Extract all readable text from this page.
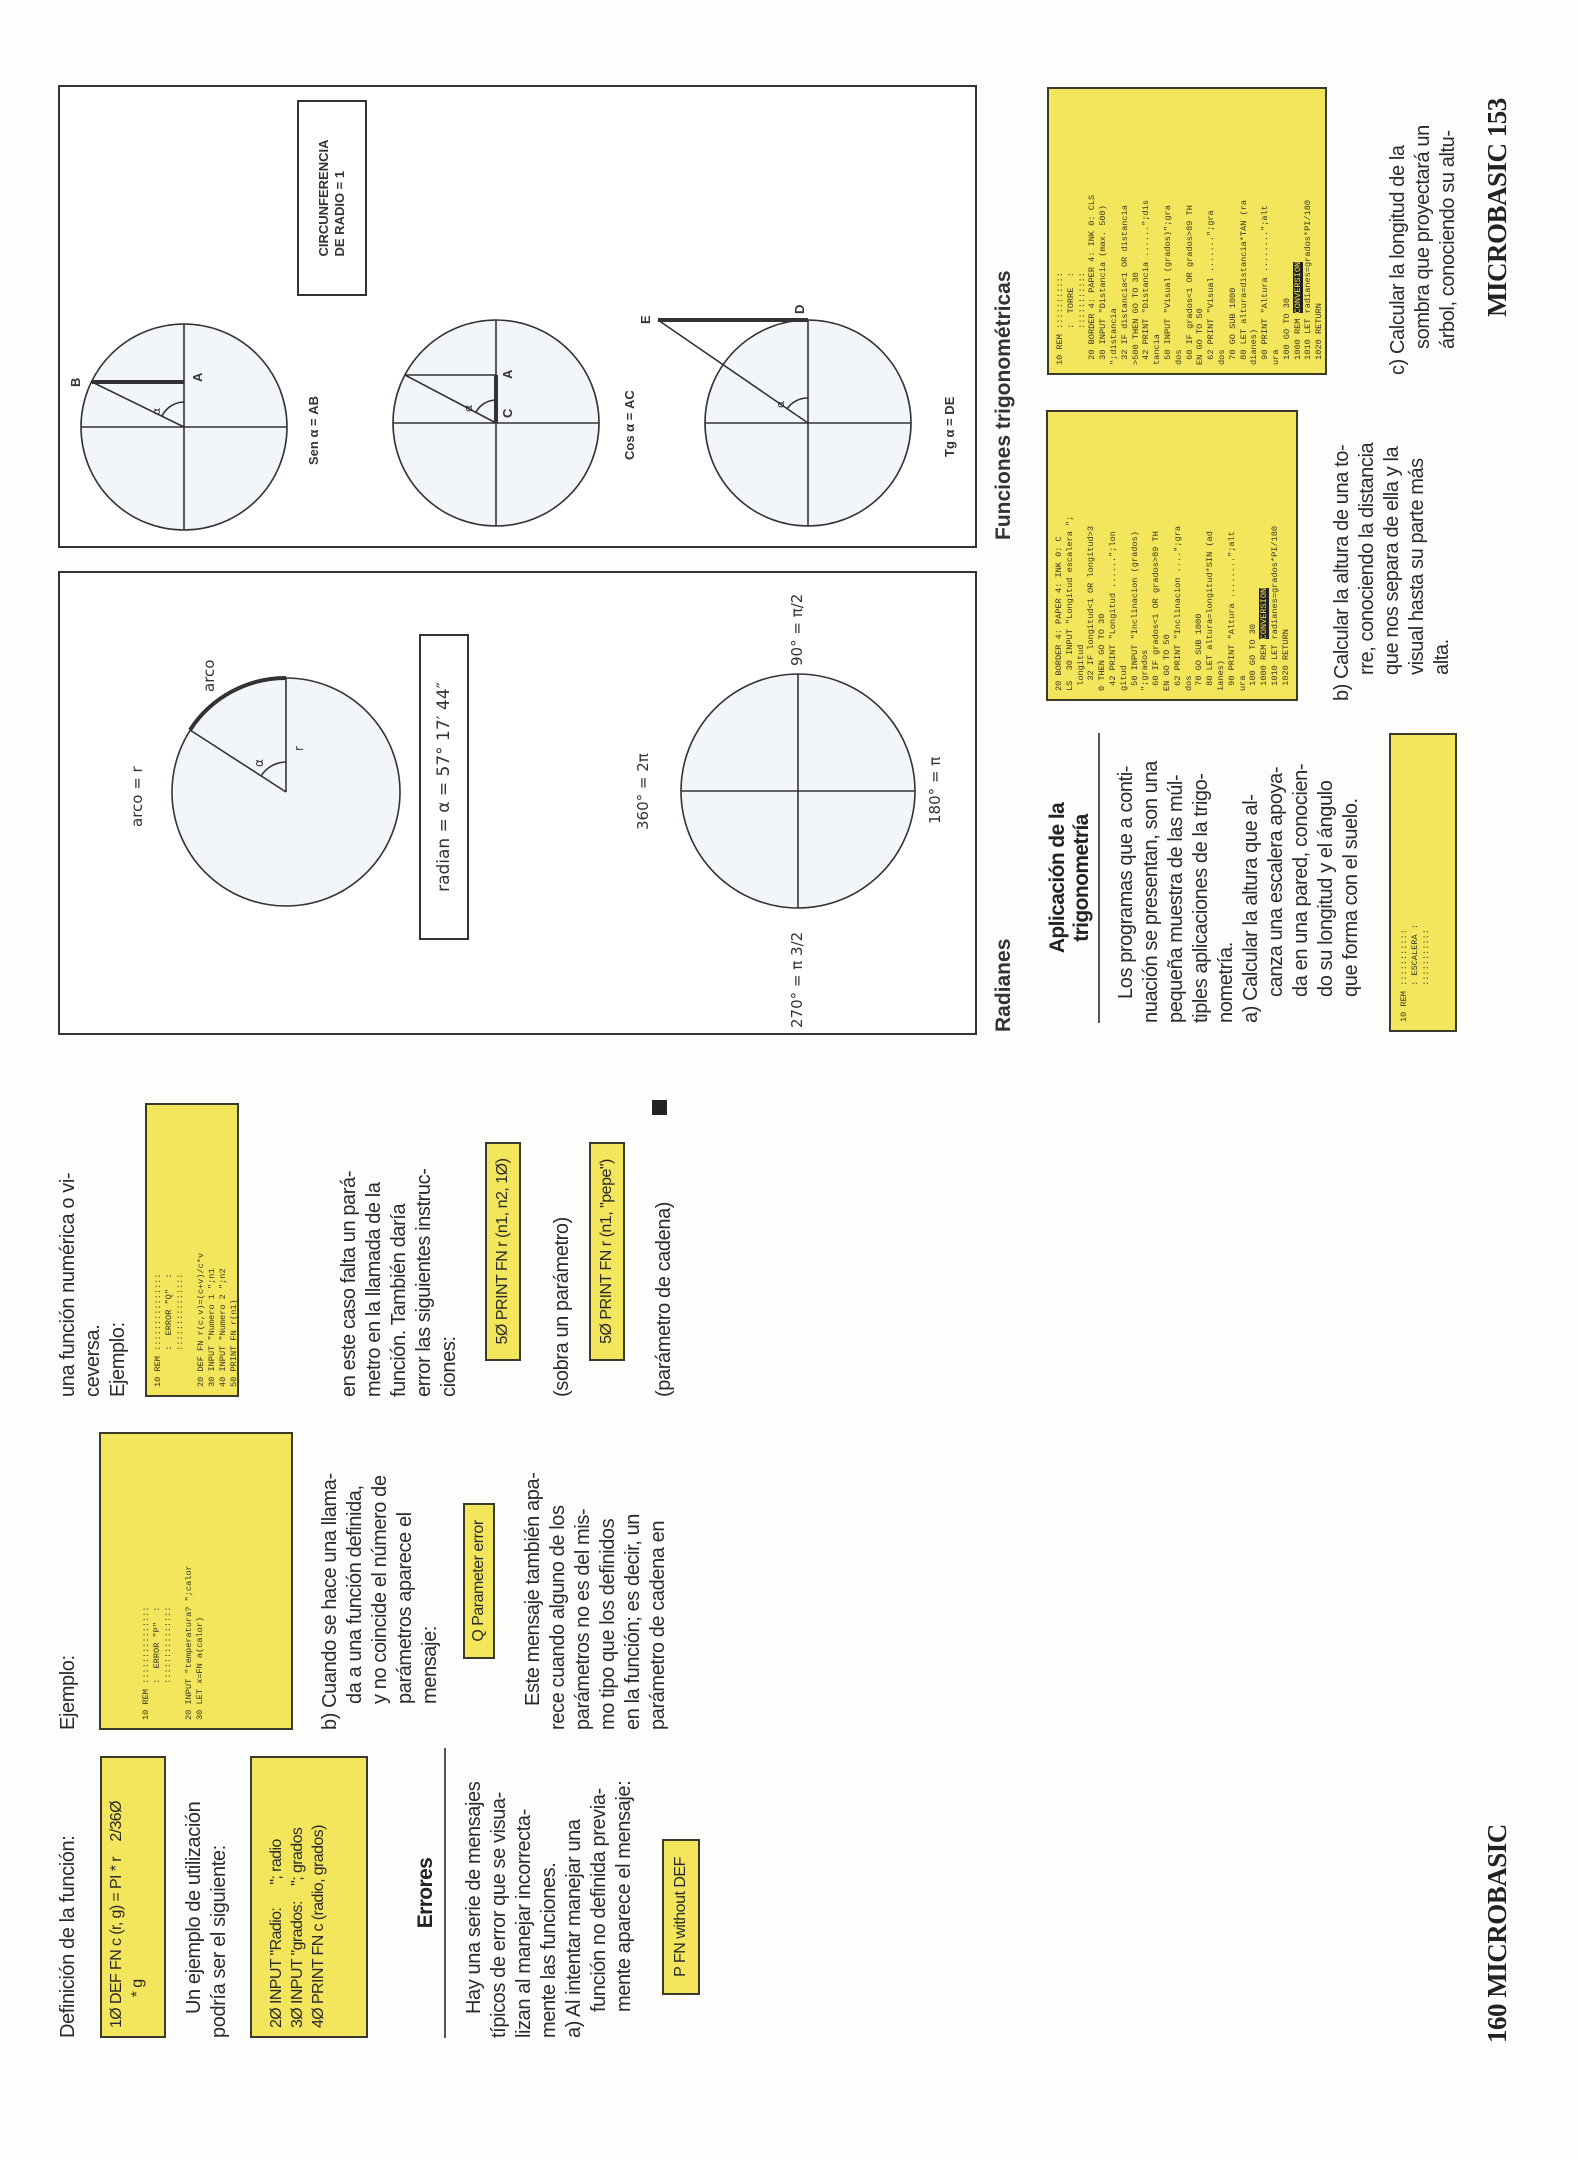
Definición de la función:	1Ø DEF FN c (r, g) = PI * r    2/36Ø
* g
Un ejemplo de utilización
podría ser el siguiente:
2Ø INPUT "Radio:      "; radio
3Ø INPUT "grados:    "; grados
4Ø PRINT FN c (radio, grados)
Errores
Hay una serie de mensajes
típicos de error que se visua-
lizan al manejar incorrecta-
mente las funciones.
a) Al intentar manejar una
función no definida previa-
mente aparece el mensaje:
P FN without DEF
Ejemplo:	10 REM :::::::::::::::
:  ERROR "P"  :
:::::::::::::::

20 INPUT "temperatura? ";calor
30 LET x=FN a(calor)
b) Cuando se hace una llama-
da a una función definida,
y no coincide el número de
parámetros aparece el
mensaje:
Q Parameter error
Este mensaje también apa-
rece cuando alguno de los
parámetros no es del mis-
mo tipo que los definidos
en la función; es decir, un
parámetro de cadena en
una función numérica o vi-
ceversa.
Ejemplo:	10 REM :::::::::::::::
:  ERROR "Q"  :
:::::::::::::::

20 DEF FN r(c,v)=(c+v)/c*v
30 INPUT "Numero 1 ";n1
40 INPUT "Numero 2 ";n2
50 PRINT FN r(n1)
en este caso falta un pará-
metro en la llamada de la
función. También daría
error las siguientes instruc-
ciones:
5Ø PRINT FN r (n1, n2, 1Ø)	(sobra un parámetro)	5Ø PRINT FN r (n1, "pepe")	(parámetro de cadena)
160 MICROBASIC
arco = r
arco
r
α	radian = α = 57° 17′ 44″	360° = 2π
90° = π/2
180° = π
270° = π 3/2
CIRCUNFERENCIA
DE RADIO = 1
B
A
α	Sen α = AB	C
A
α	Cos α = AC
E
D
α	Tg α = DE
Radianes
Funciones trigonométricas
Aplicación de la
trigonometría
Los programas que a conti-
nuación se presentan, son una
pequeña muestra de las múl-
tiples aplicaciones de la trigo-
nometría. a) Calcular la altura que al-
canza una escalera apoya-
da en una pared, conocien-
do su longitud y el ángulo
que forma con el suelo.
10 REM :::::::::::
: ESCALERA :
:::::::::::
20 BORDER 4: PAPER 4: INK 0: C
LS  30 INPUT "Longitud escalera ";
longitud
32 IF longitud<1 OR longitud>3
0 THEN GO TO 30
42 PRINT "Longitud ......";lon
gitud
50 INPUT "Inclinacion (grados)
";grados
60 IF grados<1 OR grados>89 TH
EN GO TO 50
62 PRINT "Inclinacion ....";gra
dos
70 GO SUB 1000
80 LET altura=longitud*SIN (ad
ianes)
90 PRINT "Altura ........";alt
ura
100 GO TO 30
1000 REM CONVERSION
1010 LET radianes=grados*PI/180
1020 RETURN
b) Calcular la altura de una to-
rre, conociendo la distancia
que nos separa de ella y la
visual hasta su parte más
alta.
10 REM :::::::::::
:  TORRE  :
:::::::::::
20 BORDER 4: PAPER 4: INK 0: CLS
30 INPUT "Distancia (max. 500)
";distancia
32 IF distancia<1 OR distancia
>500 THEN GO TO 30
42 PRINT "Distancia ......";dis
tancia
50 INPUT "Visual (grados)";gra
dos
60 IF grados<1 OR grados>89 TH
EN GO TO 50
62 PRINT "Visual .......";gra
dos
70 GO SUB 1000
80 LET altura=distancia*TAN (ra
dianes)
90 PRINT "Altura ........";alt
ura
100 GO TO 30
1000 REM CONVERSION
1010 LET radianes=grados*PI/180
1020 RETURN
c) Calcular la longitud de la
sombra que proyectará un
árbol, conociendo su altu- MICROBASIC 153
